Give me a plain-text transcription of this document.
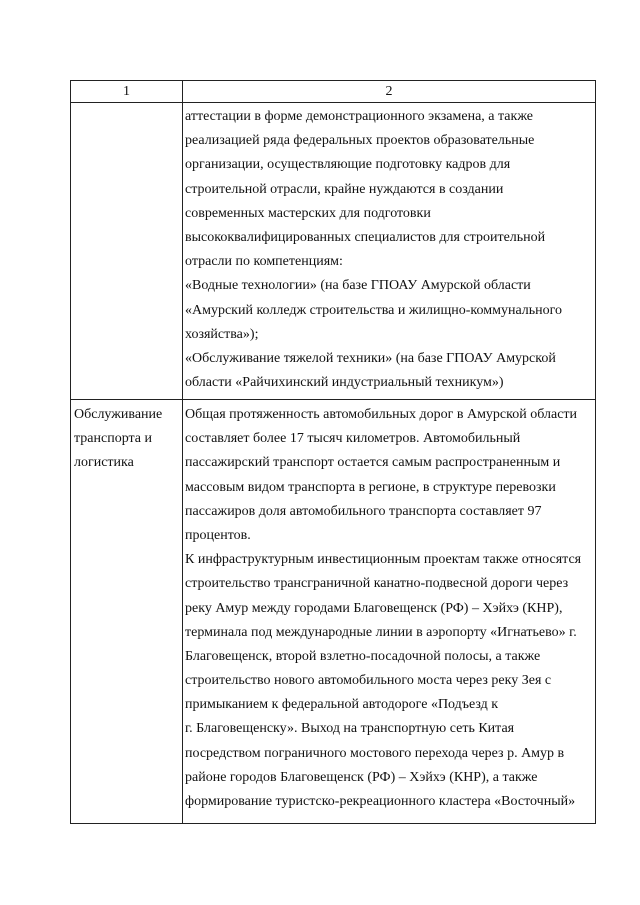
1	2
аттестации в форме демонстрационного экзамена, а также
реализацией ряда федеральных проектов образовательные
организации, осуществляющие подготовку кадров для
строительной отрасли, крайне нуждаются в создании
современных мастерских для подготовки
высококвалифицированных специалистов для строительной
отрасли по компетенциям:
«Водные технологии» (на базе ГПОАУ Амурской области
«Амурский колледж строительства и жилищно-коммунального
хозяйства»);
«Обслуживание тяжелой техники» (на базе ГПОАУ Амурской
области «Райчихинский индустриальный техникум»)
Обслуживание
транспорта и
логистика
Общая протяженность автомобильных дорог в Амурской области
составляет более 17 тысяч километров. Автомобильный
пассажирский транспорт остается самым распространенным и
массовым видом транспорта в регионе, в структуре перевозки
пассажиров доля автомобильного транспорта составляет 97
процентов.
К инфраструктурным инвестиционным проектам также относятся
строительство трансграничной канатно-подвесной дороги через
реку Амур между городами Благовещенск (РФ) – Хэйхэ (КНР),
терминала под международные линии в аэропорту «Игнатьево» г.
Благовещенск, второй взлетно-посадочной полосы, а также
строительство нового автомобильного моста через реку Зея с
примыканием к федеральной автодороге «Подъезд к
г. Благовещенску». Выход на транспортную сеть Китая
посредством пограничного мостового перехода через р. Амур в
районе городов Благовещенск (РФ) – Хэйхэ (КНР), а также
формирование туристско-рекреационного кластера «Восточный»
